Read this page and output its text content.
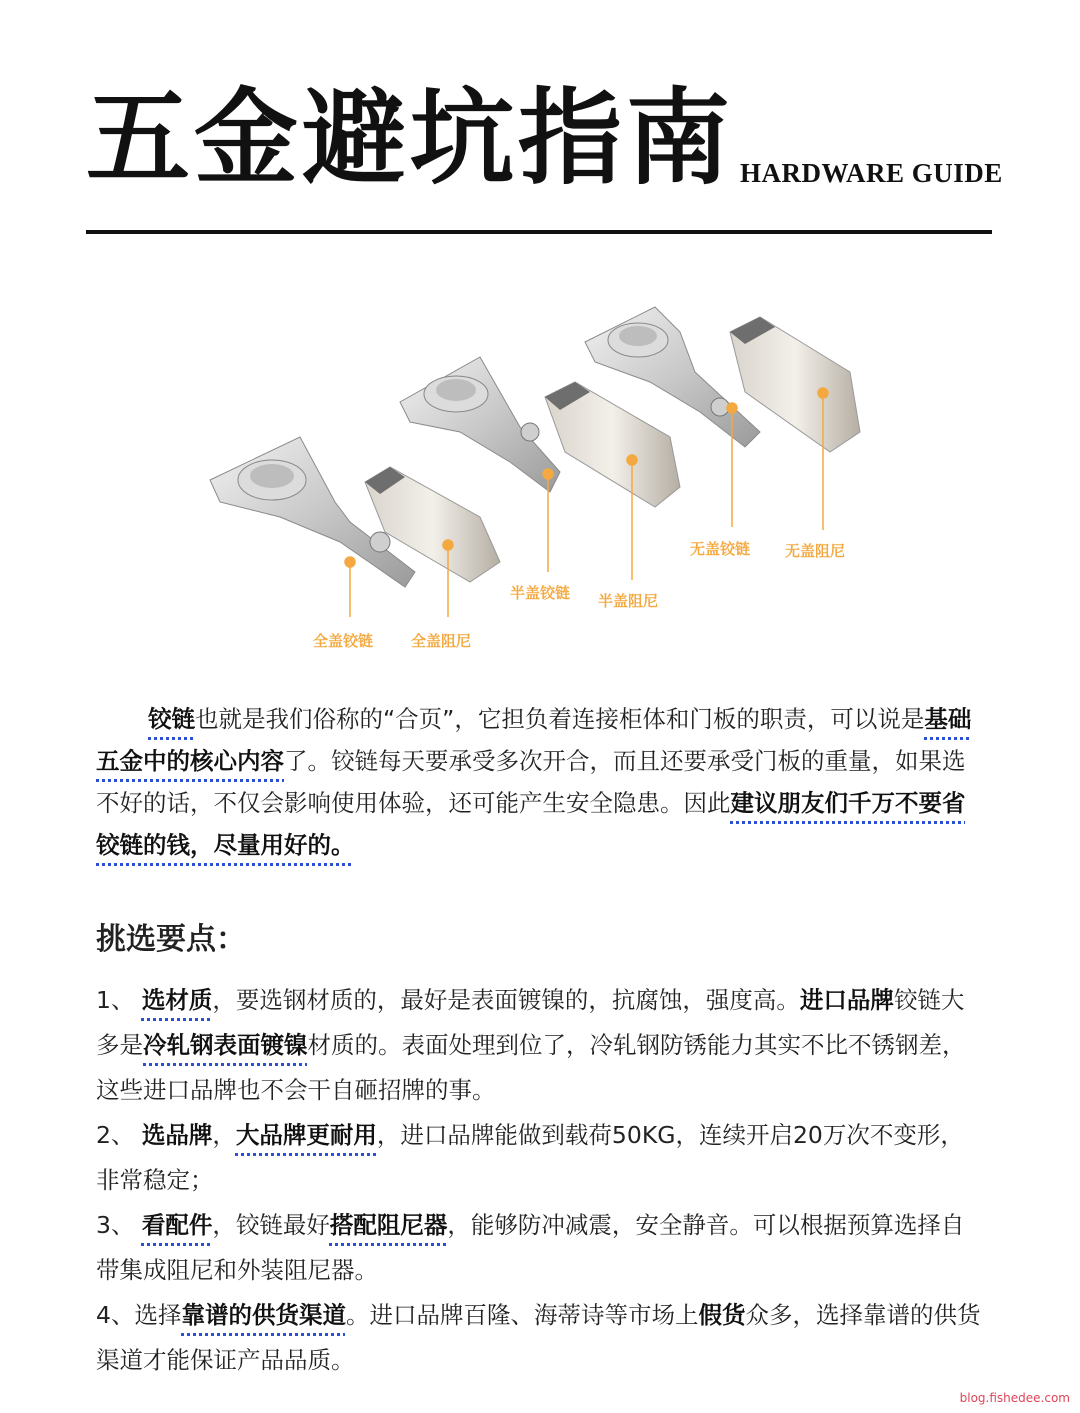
五金避坑指南 HARDWARE GUIDE
全盖铰链	全盖阻尼
半盖铰链 半盖阻尼
无盖铰链 无盖阻尼
铰链也就是我们俗称的“合页”，它担负着连接柜体和门板的职责，可以说是基础五金中的核心内容了。铰链每天要承受多次开合，而且还要承受门板的重量，如果选不好的话，不仅会影响使用体验，还可能产生安全隐患。因此建议朋友们千万不要省铰链的钱，尽量用好的。
挑选要点：

1、 选材质，要选钢材质的，最好是表面镀镍的，抗腐蚀，强度高。进口品牌铰链大多是冷轧钢表面镀镍材质的。表面处理到位了，冷轧钢防锈能力其实不比不锈钢差，这些进口品牌也不会干自砸招牌的事。

2、 选品牌，大品牌更耐用，进口品牌能做到载荷50KG，连续开启20万次不变形，非常稳定；

3、 看配件，铰链最好搭配阻尼器，能够防冲减震，安全静音。可以根据预算选择自带集成阻尼和外装阻尼器。

4、选择靠谱的供货渠道。进口品牌百隆、海蒂诗等市场上假货众多，选择靠谱的供货渠道才能保证产品品质。

blog.fishedee.com
